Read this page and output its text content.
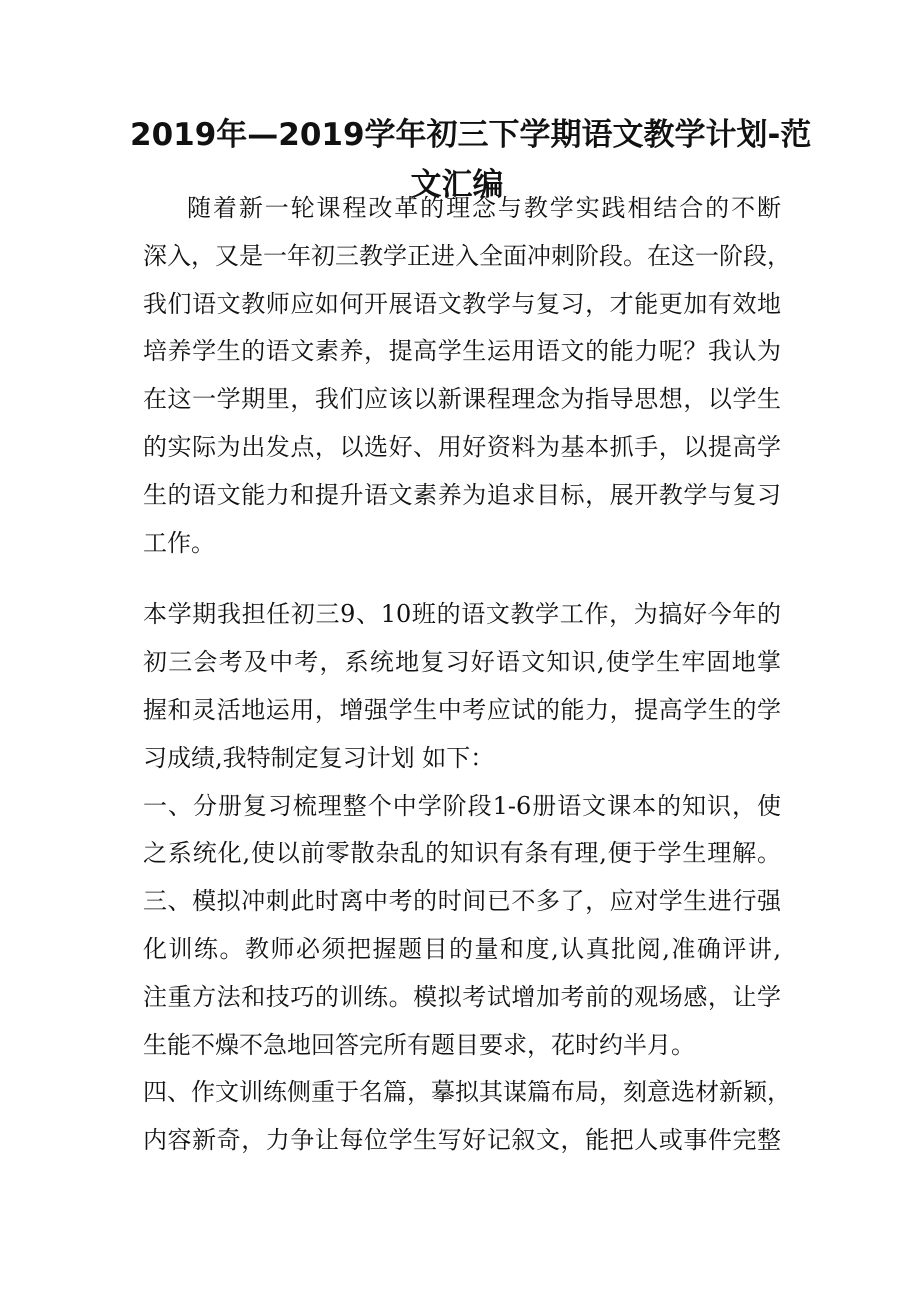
2019年—2019学年初三下学期语文教学计划-范
文汇编
随着新一轮课程改革的理念与教学实践相结合的不断
深入，又是一年初三教学正进入全面冲刺阶段。在这一阶段，
我们语文教师应如何开展语文教学与复习，才能更加有效地
培养学生的语文素养，提高学生运用语文的能力呢？我认为
在这一学期里，我们应该以新课程理念为指导思想，以学生
的实际为出发点，以选好、用好资料为基本抓手，以提高学
生的语文能力和提升语文素养为追求目标，展开教学与复习
工作。
本学期我担任初三9、10班的语文教学工作，为搞好今年的
初三会考及中考，系统地复习好语文知识,使学生牢固地掌
握和灵活地运用，增强学生中考应试的能力，提高学生的学
习成绩,我特制定复习计划 如下：
一、分册复习梳理整个中学阶段1-6册语文课本的知识，使
之系统化,使以前零散杂乱的知识有条有理,便于学生理解。
三、模拟冲刺此时离中考的时间已不多了，应对学生进行强
化训练。教师必须把握题目的量和度,认真批阅,准确评讲,
注重方法和技巧的训练。模拟考试增加考前的观场感，让学
生能不燥不急地回答完所有题目要求，花时约半月。
四、作文训练侧重于名篇，摹拟其谋篇布局，刻意选材新颖，
内容新奇，力争让每位学生写好记叙文，能把人或事件完整
